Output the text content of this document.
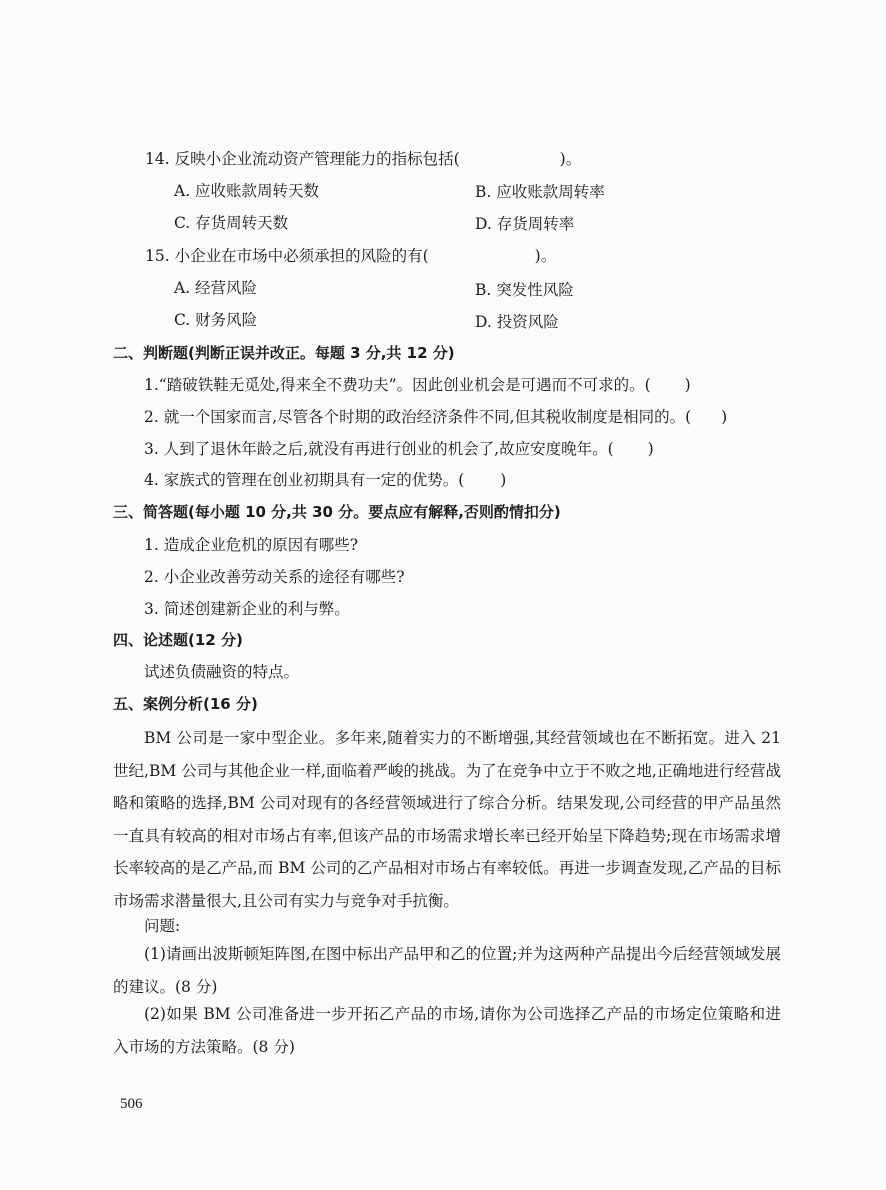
14. 反映小企业流动资产管理能力的指标包括(	)。
A. 应收账款周转天数	B. 应收账款周转率
C. 存货周转天数	D. 存货周转率
15. 小企业在市场中必须承担的风险的有(	)。
A. 经营风险	B. 突发性风险
C. 财务风险	D. 投资风险
二、判断题(判断正误并改正。每题 3 分,共 12 分)
1.“踏破铁鞋无觅处,得来全不费功夫”。因此创业机会是可遇而不可求的。( )
2. 就一个国家而言,尽管各个时期的政治经济条件不同,但其税收制度是相同的。( )
3. 人到了退休年龄之后,就没有再进行创业的机会了,故应安度晚年。( )
4. 家族式的管理在创业初期具有一定的优势。( )
三、简答题(每小题 10 分,共 30 分。要点应有解释,否则酌情扣分)
1. 造成企业危机的原因有哪些?
2. 小企业改善劳动关系的途径有哪些?
3. 简述创建新企业的利与弊。
四、论述题(12 分)
试述负债融资的特点。
五、案例分析(16 分)
BM 公司是一家中型企业。多年来,随着实力的不断增强,其经营领域也在不断拓宽。进入 21 世纪,BM 公司与其他企业一样,面临着严峻的挑战。为了在竞争中立于不败之地,正确地进行经营战略和策略的选择,BM 公司对现有的各经营领域进行了综合分析。结果发现,公司经营的甲产品虽然一直具有较高的相对市场占有率,但该产品的市场需求增长率已经开始呈下降趋势;现在市场需求增长率较高的是乙产品,而 BM 公司的乙产品相对市场占有率较低。再进一步调查发现,乙产品的目标市场需求潜量很大,且公司有实力与竞争对手抗衡。
问题:
(1)请画出波斯顿矩阵图,在图中标出产品甲和乙的位置;并为这两种产品提出今后经营领域发展的建议。(8 分)
(2)如果 BM 公司准备进一步开拓乙产品的市场,请你为公司选择乙产品的市场定位策略和进入市场的方法策略。(8 分)
506
